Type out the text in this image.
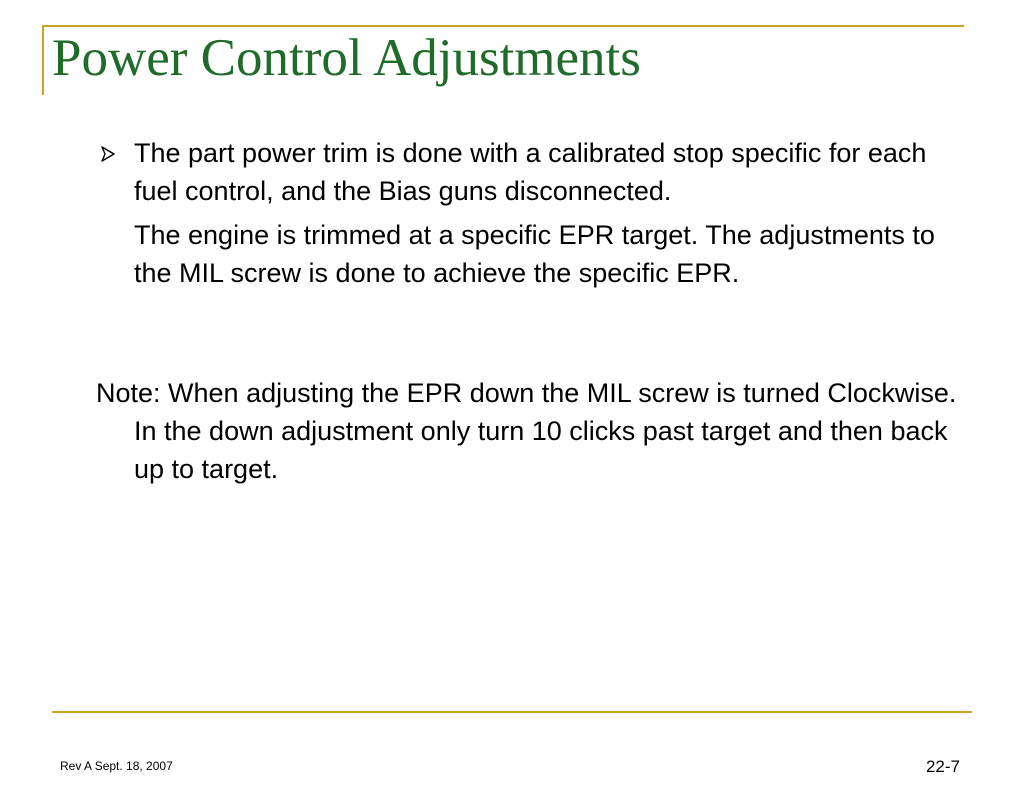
Power Control Adjustments

The part power trim is done with a calibrated stop specific for each fuel control, and the Bias guns disconnected.

The engine is trimmed at a specific EPR target. The adjustments to the MIL screw is done to achieve the specific EPR.

Note: When adjusting the EPR down the MIL screw is turned Clockwise. In the down adjustment only turn 10 clicks past target and then back up to target.

Rev A Sept. 18, 2007	22-7
